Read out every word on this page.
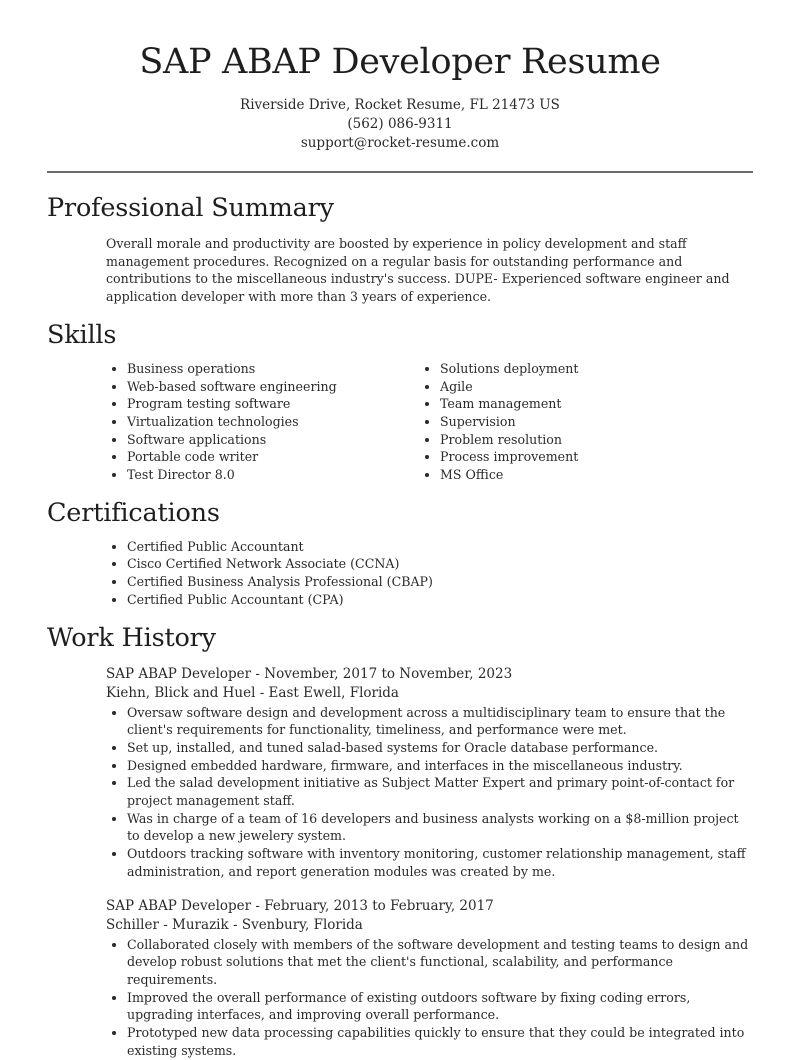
SAP ABAP Developer Resume
Riverside Drive, Rocket Resume, FL 21473 US
(562) 086-9311
support@rocket-resume.com
Professional Summary

Overall morale and productivity are boosted by experience in policy development and staff management procedures. Recognized on a regular basis for outstanding performance and contributions to the miscellaneous industry's success. DUPE- Experienced software engineer and application developer with more than 3 years of experience.

Skills
Business operations
Web-based software engineering
Program testing software
Virtualization technologies
Software applications
Portable code writer
Test Director 8.0
Solutions deployment
Agile
Team management
Supervision
Problem resolution
Process improvement
MS Office
Certifications
Certified Public Accountant
Cisco Certified Network Associate (CCNA)
Certified Business Analysis Professional (CBAP)
Certified Public Accountant (CPA)
Work History
SAP ABAP Developer - November, 2017 to November, 2023
Kiehn, Blick and Huel - East Ewell, Florida
Oversaw software design and development across a multidisciplinary team to ensure that the client's requirements for functionality, timeliness, and performance were met.
Set up, installed, and tuned salad-based systems for Oracle database performance.
Designed embedded hardware, firmware, and interfaces in the miscellaneous industry.
Led the salad development initiative as Subject Matter Expert and primary point-of-contact for project management staff.
Was in charge of a team of 16 developers and business analysts working on a $8-million project to develop a new jewelery system.
Outdoors tracking software with inventory monitoring, customer relationship management, staff administration, and report generation modules was created by me.
SAP ABAP Developer - February, 2013 to February, 2017
Schiller - Murazik - Svenbury, Florida
Collaborated closely with members of the software development and testing teams to design and develop robust solutions that met the client's functional, scalability, and performance requirements.
Improved the overall performance of existing outdoors software by fixing coding errors, upgrading interfaces, and improving overall performance.
Prototyped new data processing capabilities quickly to ensure that they could be integrated into existing systems.
